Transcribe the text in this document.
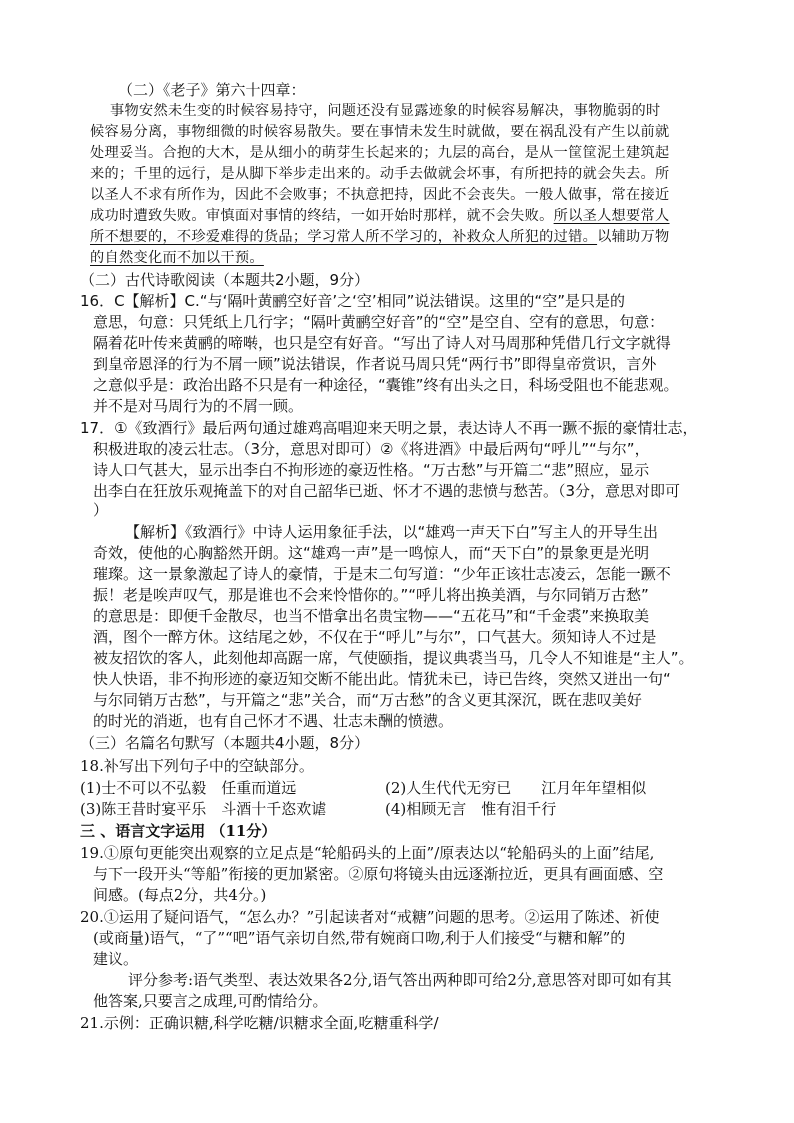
（二）《老子》第六十四章：
事物安然未生变的时候容易持守，问题还没有显露迹象的时候容易解决，事物脆弱的时
候容易分离，事物细微的时候容易散失。要在事情未发生时就做，要在祸乱没有产生以前就
处理妥当。合抱的大木，是从细小的萌芽生长起来的；九层的高台，是从一筐筐泥土建筑起
来的；千里的远行，是从脚下举步走出来的。动手去做就会坏事，有所把持的就会失去。所
以圣人不求有所作为，因此不会败事；不执意把持，因此不会丧失。一般人做事，常在接近
成功时遭致失败。审慎面对事情的终结，一如开始时那样，就不会失败。所以圣人想要常人
所不想要的，不珍爱难得的货品；学习常人所不学习的，补救众人所犯的过错。以辅助万物
的自然变化而不加以干预。
（二）古代诗歌阅读（本题共2小题，9分）
16．C【解析】C.“与‘隔叶黄鹂空好音’之‘空’相同”说法错误。这里的“空”是只是的
意思，句意：只凭纸上几行字；“隔叶黄鹂空好音”的“空”是空自、空有的意思，句意：
隔着花叶传来黄鹂的啼啭，也只是空有好音。“写出了诗人对马周那种凭借几行文字就得
到皇帝恩泽的行为不屑一顾”说法错误，作者说马周只凭“两行书”即得皇帝赏识，言外
之意似乎是：政治出路不只是有一种途径，“囊锥”终有出头之日，科场受阻也不能悲观。
并不是对马周行为的不屑一顾。
17．①《致酒行》最后两句通过雄鸡高唱迎来天明之景，表达诗人不再一蹶不振的豪情壮志，
积极进取的凌云壮志。（3分，意思对即可）②《将进酒》中最后两句“呼儿”“与尔”，
诗人口气甚大，显示出李白不拘形迹的豪迈性格。“万古愁”与开篇二“悲”照应，显示
出李白在狂放乐观掩盖下的对自己韶华已逝、怀才不遇的悲愤与愁苦。（3分，意思对即可
）
【解析】《致酒行》中诗人运用象征手法，以“雄鸡一声天下白”写主人的开导生出
奇效，使他的心胸豁然开朗。这“雄鸡一声”是一鸣惊人，而“天下白”的景象更是光明
璀璨。这一景象激起了诗人的豪情，于是末二句写道：“少年正该壮志凌云，怎能一蹶不
振！老是唉声叹气，那是谁也不会来怜惜你的。”“呼儿将出换美酒，与尔同销万古愁”
的意思是：即便千金散尽，也当不惜拿出名贵宝物——“五花马”和“千金裘”来换取美
酒，图个一醉方休。这结尾之妙，不仅在于“呼儿”与尔”，口气甚大。须知诗人不过是
被友招饮的客人，此刻他却高踞一席，气使颐指，提议典裘当马，几令人不知谁是“主人”。
快人快语，非不拘形迹的豪迈知交断不能出此。情犹未已，诗已告终，突然又迸出一句“
与尔同销万古愁”，与开篇之“悲”关合，而“万古愁”的含义更其深沉，既在悲叹美好
的时光的消逝，也有自己怀才不遇、壮志未酬的愤懑。
（三）名篇名句默写（本题共4小题，8分）
18.补写出下列句子中的空缺部分。
(1)士不可以不弘毅　任重而道远	(2)人生代代无穷已　　江月年年望相似
(3)陈王昔时宴平乐　斗酒十千恣欢谑	(4)相顾无言　惟有泪千行
三 、语言文字运用 （11分）
19.①原句更能突出观察的立足点是“轮船码头的上面”/原表达以“轮船码头的上面”结尾,
与下一段开头“等船”衔接的更加紧密。②原句将镜头由远逐渐拉近，更具有画面感、空
间感。(每点2分，共4分。)
20.①运用了疑问语气，“怎么办？”引起读者对“戒糖”问题的思考。②运用了陈述、祈使
(或商量)语气，“了”“吧”语气亲切自然,带有婉商口吻,利于人们接受“与糖和解”的
建议。
评分参考:语气类型、表达效果各2分,语气答出两种即可给2分,意思答对即可如有其
他答案,只要言之成理,可酌情给分。
21.示例：正确识糖,科学吃糖/识糖求全面,吃糖重科学/
